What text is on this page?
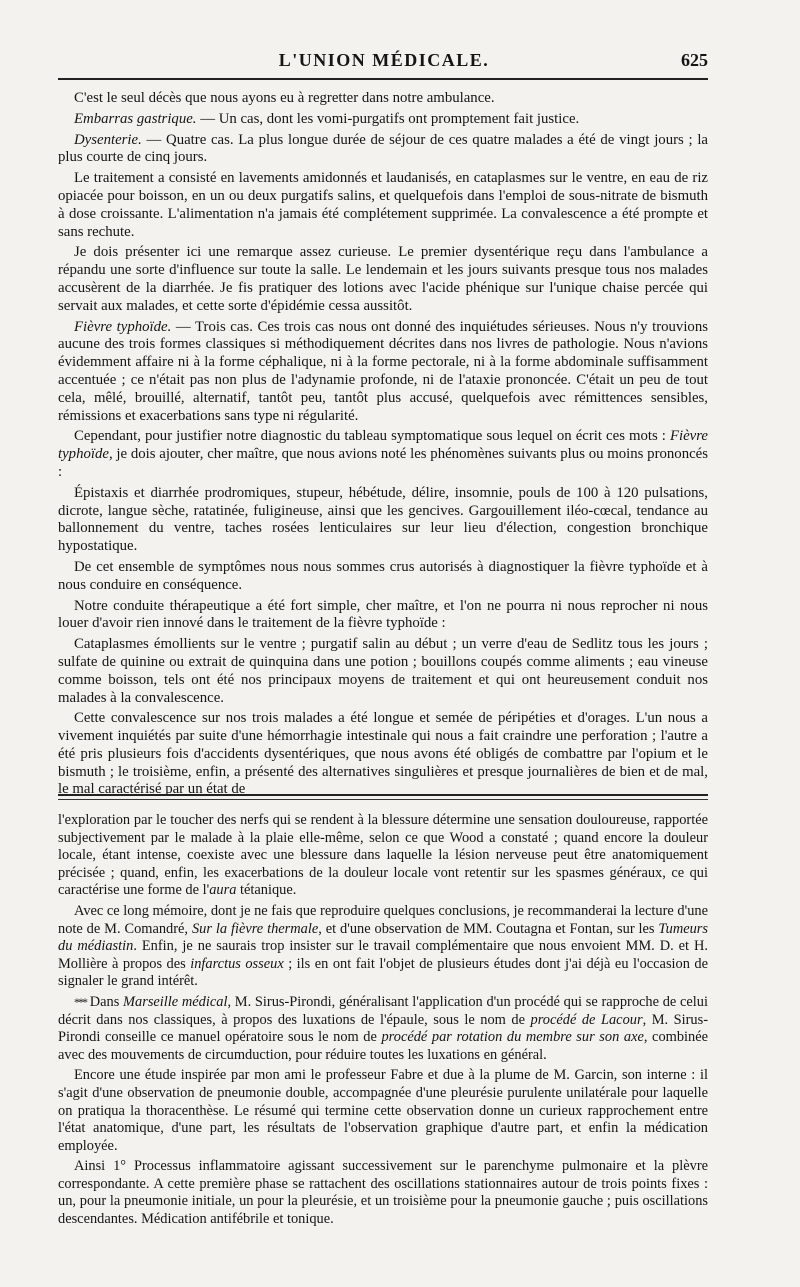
L'UNION MÉDICALE.	625

C'est le seul décès que nous ayons eu à regretter dans notre ambulance.

Embarras gastrique. — Un cas, dont les vomi-purgatifs ont promptement fait justice.

Dysenterie. — Quatre cas. La plus longue durée de séjour de ces quatre malades a été de vingt jours ; la plus courte de cinq jours.

Le traitement a consisté en lavements amidonnés et laudanisés, en cataplasmes sur le ventre, en eau de riz opiacée pour boisson, en un ou deux purgatifs salins, et quelquefois dans l'emploi de sous-nitrate de bismuth à dose croissante. L'alimentation n'a jamais été complétement supprimée. La convalescence a été prompte et sans rechute.

Je dois présenter ici une remarque assez curieuse. Le premier dysentérique reçu dans l'ambulance a répandu une sorte d'influence sur toute la salle. Le lendemain et les jours suivants presque tous nos malades accusèrent de la diarrhée. Je fis pratiquer des lotions avec l'acide phénique sur l'unique chaise percée qui servait aux malades, et cette sorte d'épidémie cessa aussitôt.

Fièvre typhoïde. — Trois cas. Ces trois cas nous ont donné des inquiétudes sérieuses. Nous n'y trouvions aucune des trois formes classiques si méthodiquement décrites dans nos livres de pathologie. Nous n'avions évidemment affaire ni à la forme céphalique, ni à la forme pectorale, ni à la forme abdominale suffisamment accentuée ; ce n'était pas non plus de l'adynamie profonde, ni de l'ataxie prononcée. C'était un peu de tout cela, mêlé, brouillé, alternatif, tantôt peu, tantôt plus accusé, quelquefois avec rémittences sensibles, rémissions et exacerbations sans type ni régularité.

Cependant, pour justifier notre diagnostic du tableau symptomatique sous lequel on écrit ces mots : Fièvre typhoïde, je dois ajouter, cher maître, que nous avions noté les phénomènes suivants plus ou moins prononcés :

Épistaxis et diarrhée prodromiques, stupeur, hébétude, délire, insomnie, pouls de 100 à 120 pulsations, dicrote, langue sèche, ratatinée, fuligineuse, ainsi que les gencives. Gargouillement iléo-cœcal, tendance au ballonnement du ventre, taches rosées lenticulaires sur leur lieu d'élection, congestion bronchique hypostatique.

De cet ensemble de symptômes nous nous sommes crus autorisés à diagnostiquer la fièvre typhoïde et à nous conduire en conséquence.

Notre conduite thérapeutique a été fort simple, cher maître, et l'on ne pourra ni nous reprocher ni nous louer d'avoir rien innové dans le traitement de la fièvre typhoïde :

Cataplasmes émollients sur le ventre ; purgatif salin au début ; un verre d'eau de Sedlitz tous les jours ; sulfate de quinine ou extrait de quinquina dans une potion ; bouillons coupés comme aliments ; eau vineuse comme boisson, tels ont été nos principaux moyens de traitement et qui ont heureusement conduit nos malades à la convalescence.

Cette convalescence sur nos trois malades a été longue et semée de péripéties et d'orages. L'un nous a vivement inquiétés par suite d'une hémorrhagie intestinale qui nous a fait craindre une perforation ; l'autre a été pris plusieurs fois d'accidents dysentériques, que nous avons été obligés de combattre par l'opium et le bismuth ; le troisième, enfin, a présenté des alternatives singulières et presque journalières de bien et de mal, le mal caractérisé par un état de

l'exploration par le toucher des nerfs qui se rendent à la blessure détermine une sensation douloureuse, rapportée subjectivement par le malade à la plaie elle-même, selon ce que Wood a constaté ; quand encore la douleur locale, étant intense, coexiste avec une blessure dans laquelle la lésion nerveuse peut être anatomiquement précisée ; quand, enfin, les exacerbations de la douleur locale vont retentir sur les spasmes généraux, ce qui caractérise une forme de l'aura tétanique.

Avec ce long mémoire, dont je ne fais que reproduire quelques conclusions, je recommanderai la lecture d'une note de M. Comandré, Sur la fièvre thermale, et d'une observation de MM. Coutagna et Fontan, sur les Tumeurs du médiastin. Enfin, je ne saurais trop insister sur le travail complémentaire que nous envoient MM. D. et H. Mollière à propos des infarctus osseux ; ils en ont fait l'objet de plusieurs études dont j'ai déjà eu l'occasion de signaler le grand intérêt.

*** Dans Marseille médical, M. Sirus-Pirondi, généralisant l'application d'un procédé qui se rapproche de celui décrit dans nos classiques, à propos des luxations de l'épaule, sous le nom de procédé de Lacour, M. Sirus-Pirondi conseille ce manuel opératoire sous le nom de procédé par rotation du membre sur son axe, combinée avec des mouvements de circumduction, pour réduire toutes les luxations en général.

Encore une étude inspirée par mon ami le professeur Fabre et due à la plume de M. Garcin, son interne : il s'agit d'une observation de pneumonie double, accompagnée d'une pleurésie purulente unilatérale pour laquelle on pratiqua la thoracenthèse. Le résumé qui termine cette observation donne un curieux rapprochement entre l'état anatomique, d'une part, les résultats de l'observation graphique d'autre part, et enfin la médication employée.

Ainsi 1° Processus inflammatoire agissant successivement sur le parenchyme pulmonaire et la plèvre correspondante. A cette première phase se rattachent des oscillations stationnaires autour de trois points fixes : un, pour la pneumonie initiale, un pour la pleurésie, et un troisième pour la pneumonie gauche ; puis oscillations descendantes. Médication antifébrile et tonique.
